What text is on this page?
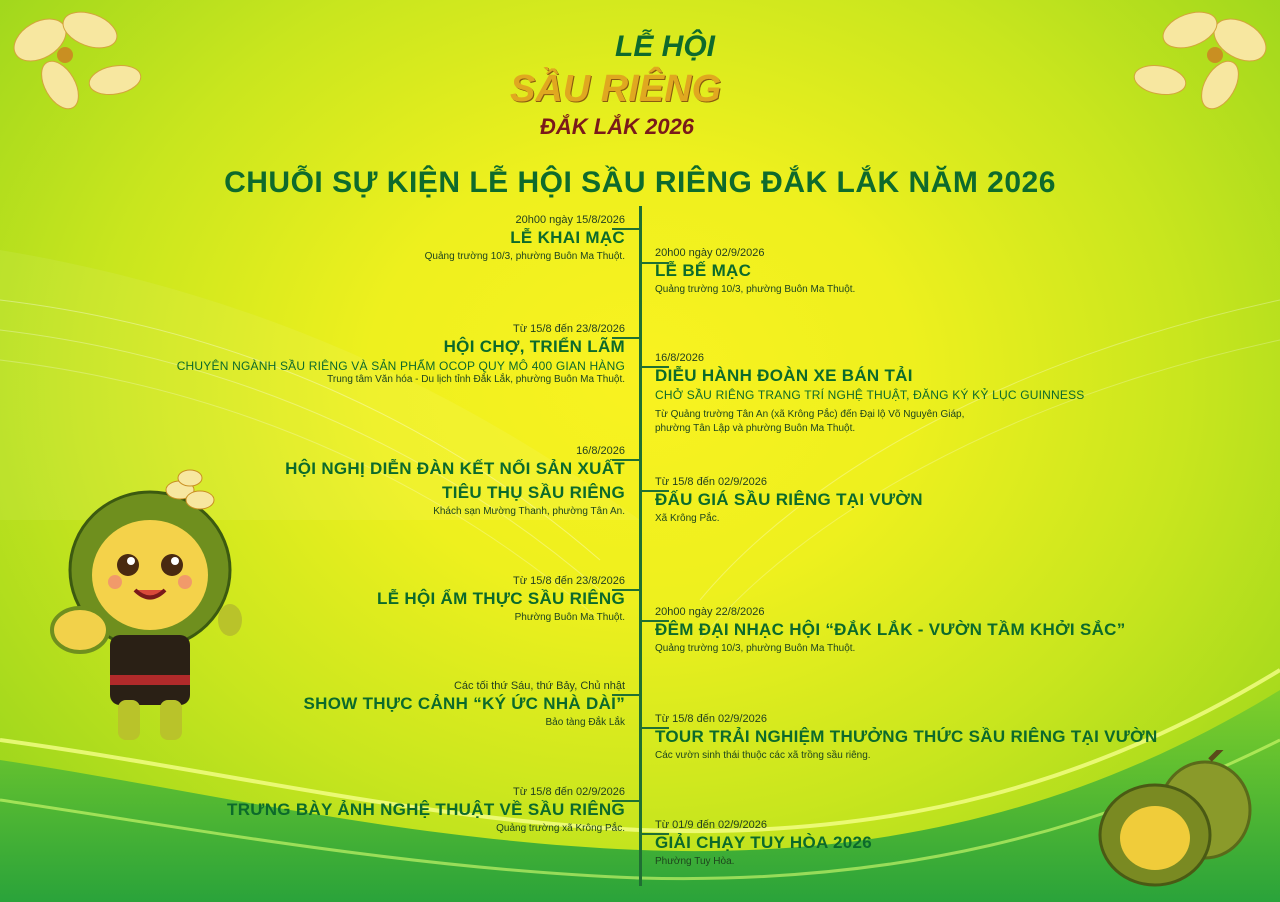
LỄ HỘI
SẦU RIÊNG
ĐẮK LẮK 2026
CHUỖI SỰ KIỆN LỄ HỘI SẦU RIÊNG ĐẮK LẮK NĂM 2026
20h00 ngày 15/8/2026
LỄ KHAI MẠC
Quảng trường 10/3, phường Buôn Ma Thuột.
Từ 15/8 đến 23/8/2026
HỘI CHỢ, TRIỂN LÃM
CHUYÊN NGÀNH SẦU RIÊNG VÀ SẢN PHẨM OCOP QUY MÔ 400 GIAN HÀNG
Trung tâm Văn hóa - Du lịch tỉnh Đắk Lắk, phường Buôn Ma Thuột.
16/8/2026
HỘI NGHỊ DIỄN ĐÀN KẾT NỐI SẢN XUẤT
TIÊU THỤ SẦU RIÊNG
Khách sạn Mường Thanh, phường Tân An.
Từ 15/8 đến 23/8/2026
LỄ HỘI ẨM THỰC SẦU RIÊNG
Phường Buôn Ma Thuột.
Các tối thứ Sáu, thứ Bảy, Chủ nhật
SHOW THỰC CẢNH “KÝ ỨC NHÀ DÀI”
Bảo tàng Đắk Lắk
Từ 15/8 đến 02/9/2026
TRƯNG BÀY ẢNH NGHỆ THUẬT VỀ SẦU RIÊNG
Quảng trường xã Krông Pắc.
20h00 ngày 02/9/2026
LỄ BẾ MẠC
Quảng trường 10/3, phường Buôn Ma Thuột.
16/8/2026
DIỄU HÀNH ĐOÀN XE BÁN TẢI
CHỞ SẦU RIÊNG TRANG TRÍ NGHỆ THUẬT, ĐĂNG KÝ KỶ LỤC GUINNESS
Từ Quảng trường Tân An (xã Krông Pắc) đến Đại lộ Võ Nguyên Giáp,
phường Tân Lập và phường Buôn Ma Thuột.
Từ 15/8 đến 02/9/2026
ĐẤU GIÁ SẦU RIÊNG TẠI VƯỜN
Xã Krông Pắc.
20h00 ngày 22/8/2026
ĐÊM ĐẠI NHẠC HỘI “ĐẮK LẮK - VƯỜN TẦM KHỞI SẮC”
Quảng trường 10/3, phường Buôn Ma Thuột.
Từ 15/8 đến 02/9/2026
TOUR TRẢI NGHIỆM THƯỞNG THỨC SẦU RIÊNG TẠI VƯỜN
Các vườn sinh thái thuộc các xã trồng sầu riêng.
Từ 01/9 đến 02/9/2026
GIẢI CHẠY TUY HÒA 2026
Phường Tuy Hòa.
